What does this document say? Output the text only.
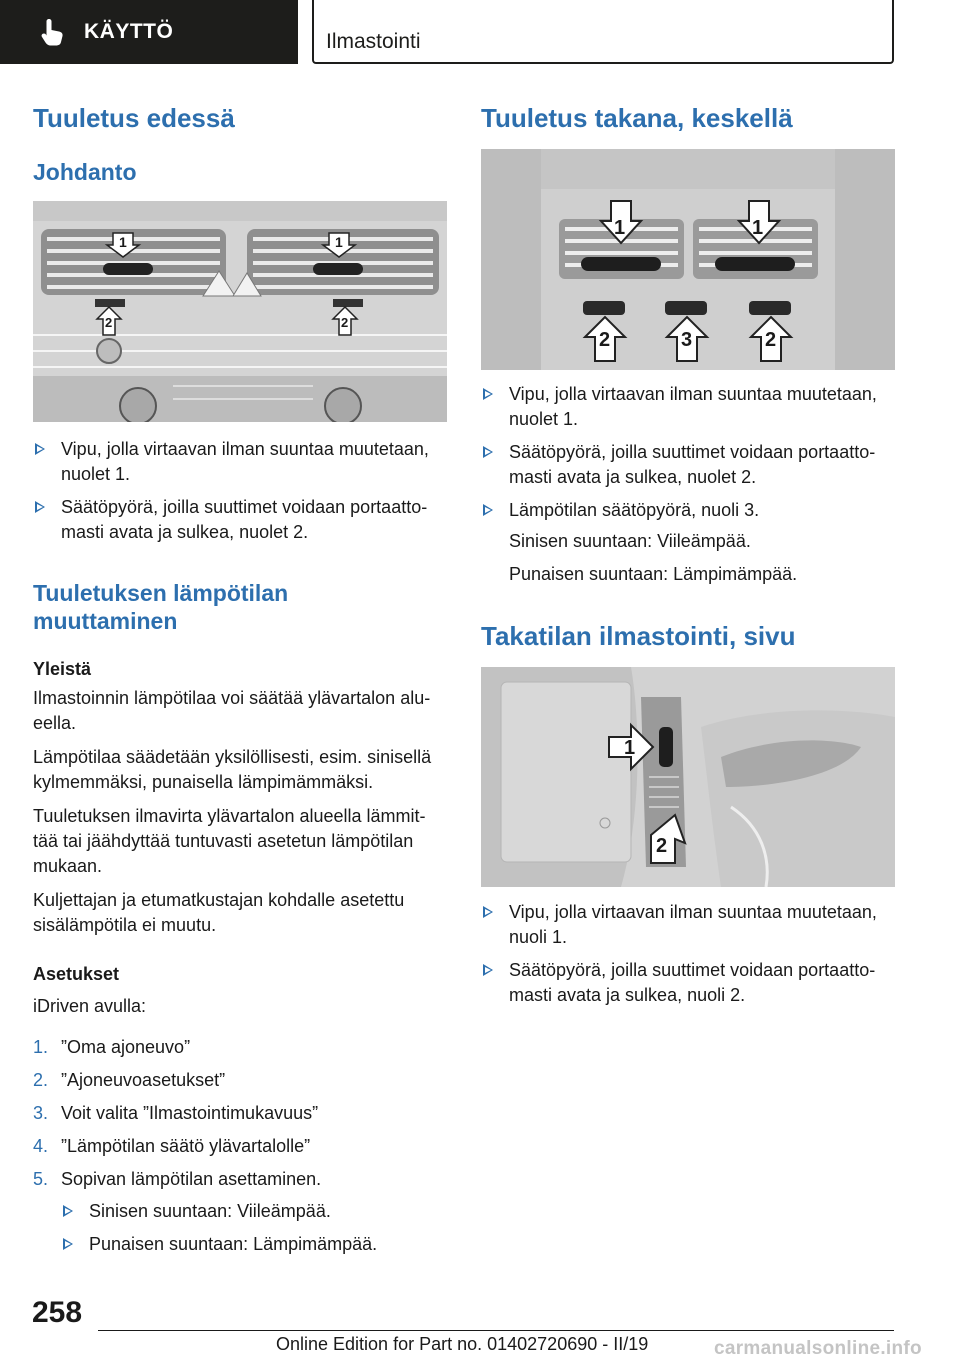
KÄYTTÖ	Ilmastointi
Tuuletus edessä
Johdanto
1	1
2	2
Vipu, jolla virtaavan ilman suuntaa muutetaan, nuolet 1.
Säätöpyörä, joilla suuttimet voidaan portaatto‐ masti avata ja sulkea, nuolet 2.
Tuuletuksen lämpötilan muuttaminen
Yleistä
Ilmastoinnin lämpötilaa voi säätää ylävartalon alu‐ eella.
Lämpötilaa säädetään yksilöllisesti, esim. sinisellä kylmemmäksi, punaisella lämpimämmäksi.
Tuuletuksen ilmavirta ylävartalon alueella lämmit‐ tää tai jäähdyttää tuntuvasti asetetun lämpötilan mukaan.
Kuljettajan ja etumatkustajan kohdalle asetettu sisälämpötila ei muutu.
Asetukset
iDriven avulla:
1. ”Oma ajoneuvo”
2. ”Ajoneuvoasetukset”
3. Voit valita ”Ilmastointimukavuus”
4. ”Lämpötilan säätö ylävartalolle”
5. Sopivan lämpötilan asettaminen.
Sinisen suuntaan: Viileämpää.
Punaisen suuntaan: Lämpimämpää.
Tuuletus takana, keskellä
1	1
2	3	2
Vipu, jolla virtaavan ilman suuntaa muutetaan, nuolet 1.
Säätöpyörä, joilla suuttimet voidaan portaatto‐ masti avata ja sulkea, nuolet 2.
Lämpötilan säätöpyörä, nuoli 3.
Sinisen suuntaan: Viileämpää.
Punaisen suuntaan: Lämpimämpää.
Takatilan ilmastointi, sivu
1
2
Vipu, jolla virtaavan ilman suuntaa muutetaan, nuoli 1.
Säätöpyörä, joilla suuttimet voidaan portaatto‐ masti avata ja sulkea, nuoli 2.
258
Online Edition for Part no. 01402720690 - II/19	carmanualsonline.info
